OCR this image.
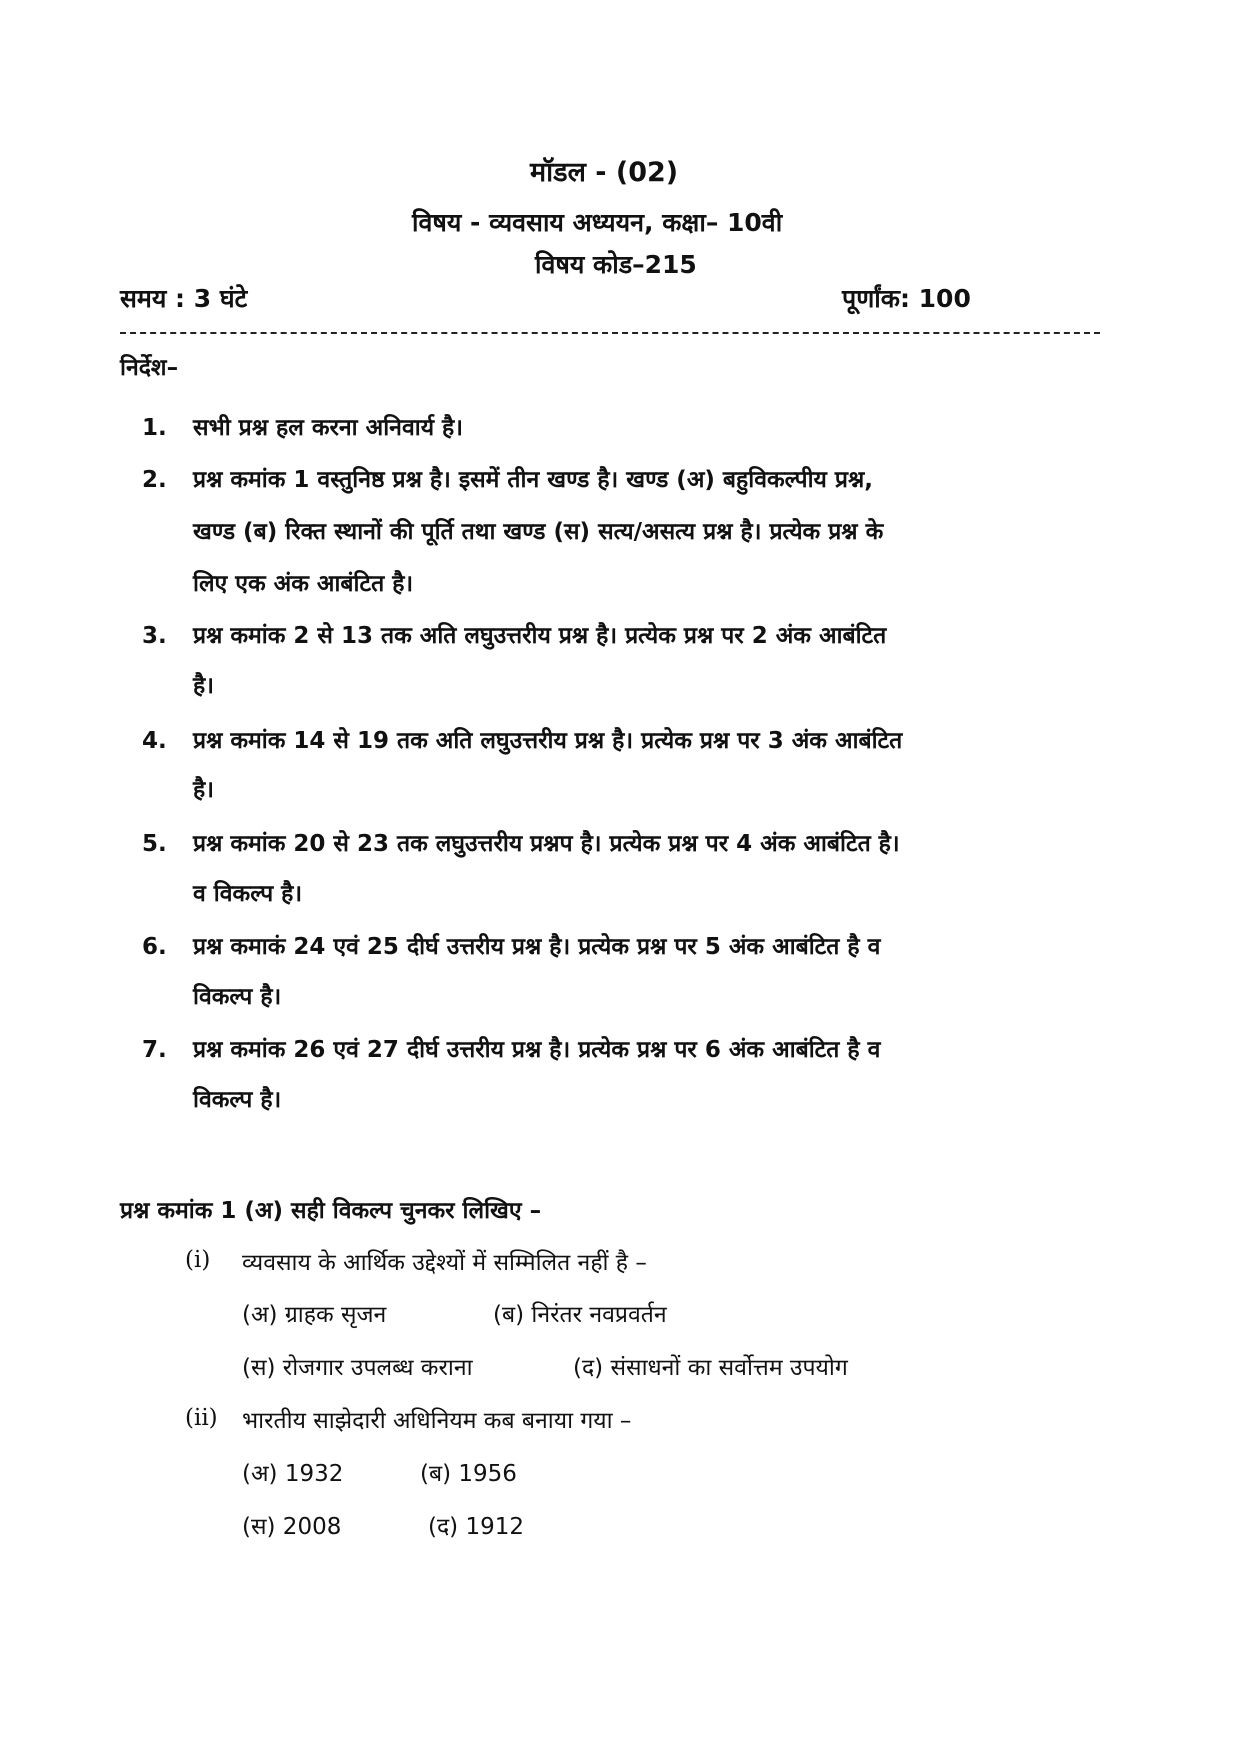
मॉडल - (02)
विषय - व्यवसाय अध्ययन, कक्षा– 10वी
विषय कोड–215
समय : 3 घंटे	पूर्णांक: 100
निर्देश–
1. सभी प्रश्न हल करना अनिवार्य है।
2. प्रश्न कमांक 1 वस्तुनिष्ठ प्रश्न है। इसमें तीन खण्ड है। खण्ड (अ) बहुविकल्पीय प्रश्न,
खण्ड (ब) रिक्त स्थानों की पूर्ति तथा खण्ड (स) सत्य/असत्य प्रश्न है। प्रत्येक प्रश्न के
लिए एक अंक आबंटित है।
3. प्रश्न कमांक 2 से 13 तक अति लघुउत्तरीय प्रश्न है। प्रत्येक प्रश्न पर 2 अंक आबंटित
है।
4. प्रश्न कमांक 14 से 19 तक अति लघुउत्तरीय प्रश्न है। प्रत्येक प्रश्न पर 3 अंक आबंटित
है।
5. प्रश्न कमांक 20 से 23 तक लघुउत्तरीय प्रश्नप है। प्रत्येक प्रश्न पर 4 अंक आबंटित है।
व विकल्प है।
6. प्रश्न कमाकं 24 एवं 25 दीर्घ उत्तरीय प्रश्न है। प्रत्येक प्रश्न पर 5 अंक आबंटित है व
विकल्प है।
7. प्रश्न कमांक 26 एवं 27 दीर्घ उत्तरीय प्रश्न है। प्रत्येक प्रश्न पर 6 अंक आबंटित है व
विकल्प है।
प्रश्न कमांक 1 (अ) सही विकल्प चुनकर लिखिए –
(i) व्यवसाय के आर्थिक उद्देश्यों में सम्मिलित नहीं है –
(अ) ग्राहक सृजन	(ब) निरंतर नवप्रवर्तन
(स) रोजगार उपलब्ध कराना	(द) संसाधनों का सर्वोत्तम उपयोग
(ii) भारतीय साझेदारी अधिनियम कब बनाया गया –
(अ) 1932	(ब) 1956
(स) 2008	(द) 1912
